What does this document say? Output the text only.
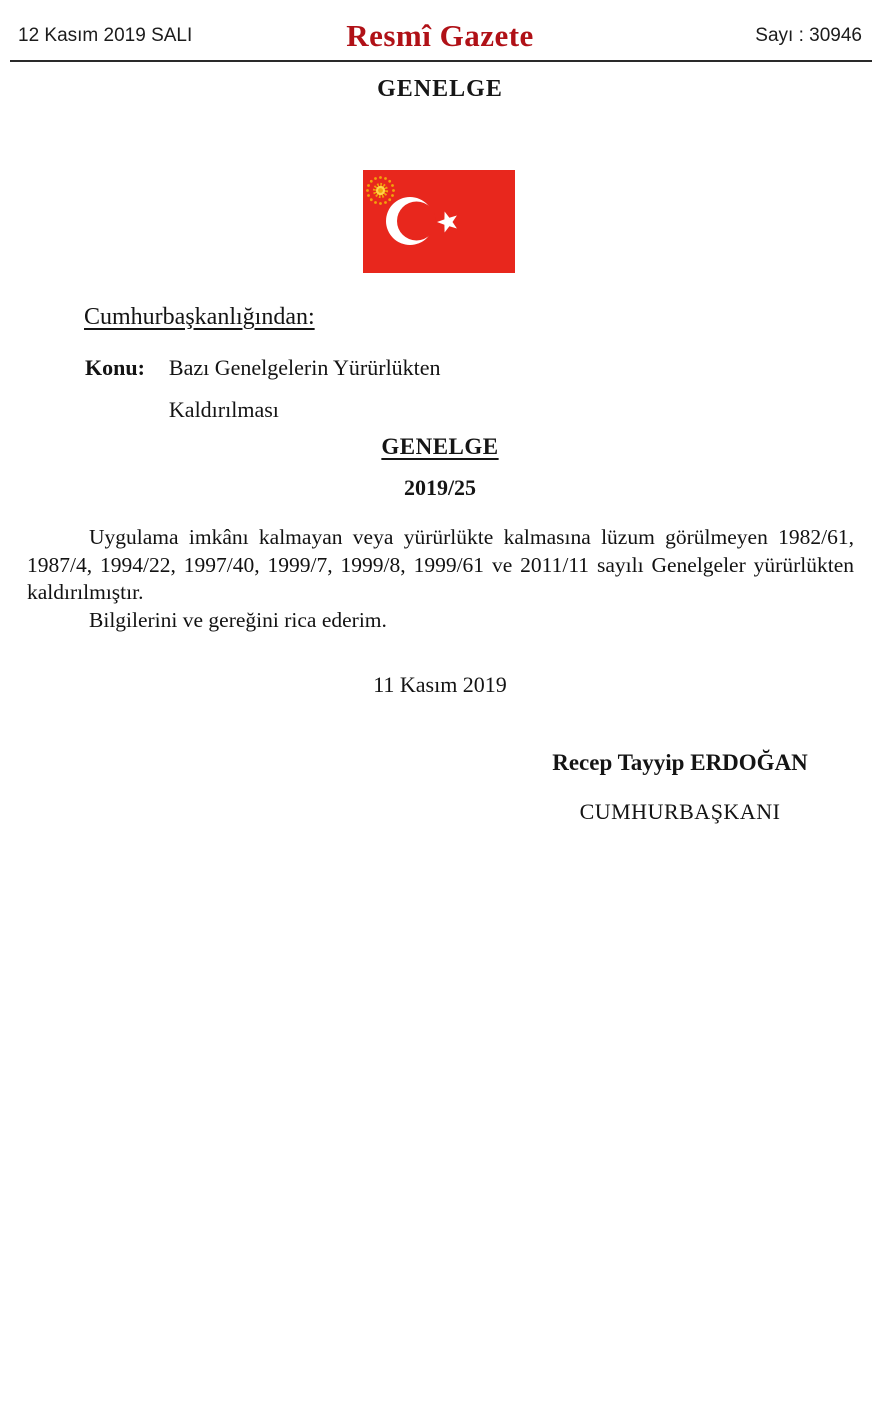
12 Kasım 2019 SALI	Resmî Gazete	Sayı : 30946
GENELGE
Cumhurbaşkanlığından:
Konu: Bazı Genelgelerin Yürürlükten
Kaldırılması
GENELGE
2019/25

Uygulama imkânı kalmayan veya yürürlükte kalmasına lüzum görülmeyen 1982/61, 1987/4, 1994/22, 1997/40, 1999/7, 1999/8, 1999/61 ve 2011/11 sayılı Genelgeler yürürlükten kaldırılmıştır.

Bilgilerini ve gereğini rica ederim.

11 Kasım 2019
Recep Tayyip ERDOĞAN
CUMHURBAŞKANI
